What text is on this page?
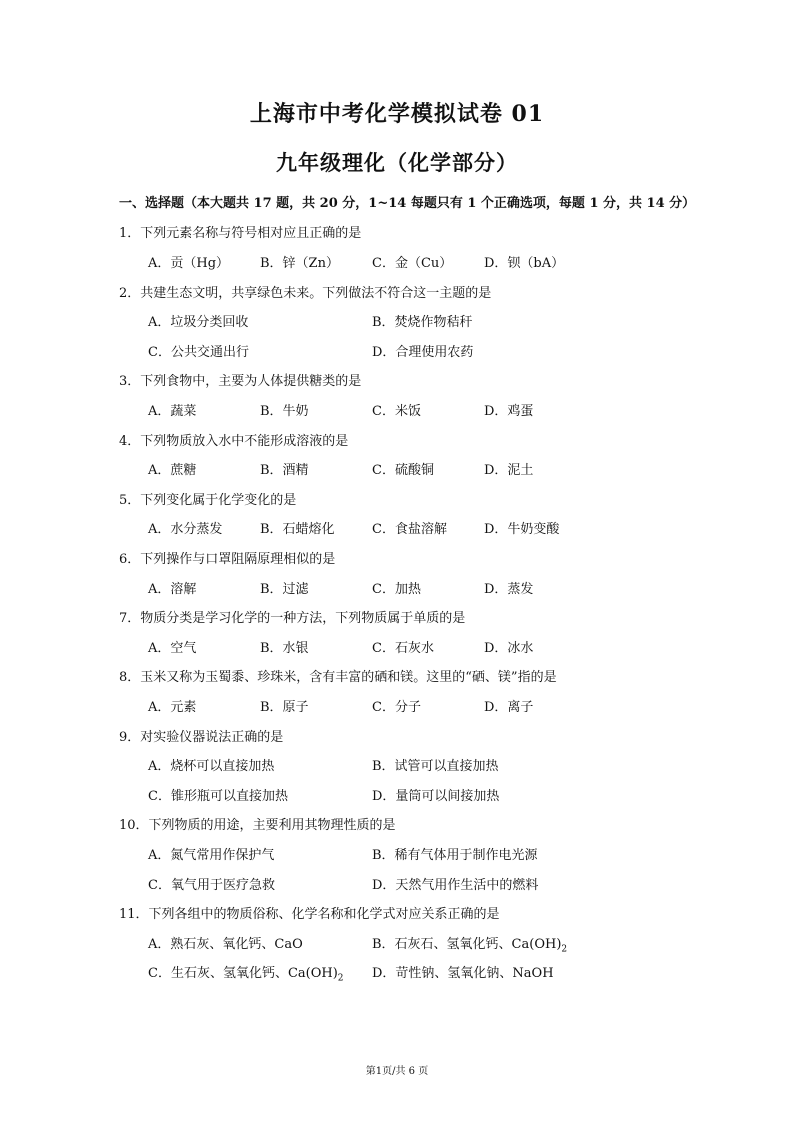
上海市中考化学模拟试卷 01
九年级理化（化学部分）
一、选择题（本大题共 17 题，共 20 分，1~14 每题只有 1 个正确选项，每题 1 分，共 14 分）
1．下列元素名称与符号相对应且正确的是
A．贡（Hg） B．锌（Zn）	C．金（Cu） D．钡（bA）
2．共建生态文明，共享绿色未来。下列做法不符合这一主题的是
A．垃圾分类回收	B．焚烧作物秸秆
C．公共交通出行	D．合理使用农药
3．下列食物中，主要为人体提供糖类的是
A．蔬菜	B．牛奶	C．米饭	D．鸡蛋
4．下列物质放入水中不能形成溶液的是
A．蔗糖	B．酒精	C．硫酸铜	D．泥土
5．下列变化属于化学变化的是
A．水分蒸发	B．石蜡熔化	C．食盐溶解	D．牛奶变酸
6．下列操作与口罩阻隔原理相似的是
A．溶解	B．过滤	C．加热	D．蒸发
7．物质分类是学习化学的一种方法，下列物质属于单质的是
A．空气	B．水银	C．石灰水	D．冰水
8．玉米又称为玉蜀黍、珍珠米，含有丰富的硒和镁。这里的“硒、镁”指的是
A．元素	B．原子	C．分子	D．离子
9．对实验仪器说法正确的是
A．烧杯可以直接加热	B．试管可以直接加热
C．锥形瓶可以直接加热	D．量筒可以间接加热
10．下列物质的用途，主要利用其物理性质的是
A．氮气常用作保护气	B．稀有气体用于制作电光源
C．氧气用于医疗急救	D．天然气用作生活中的燃料
11．下列各组中的物质俗称、化学名称和化学式对应关系正确的是
A．熟石灰、氧化钙、CaO	B．石灰石、氢氧化钙、$Ca(OH)_2$
C．生石灰、氢氧化钙、$Ca(OH)_2$ D．苛性钠、氢氧化钠、NaOH
第1页/共 6 页
